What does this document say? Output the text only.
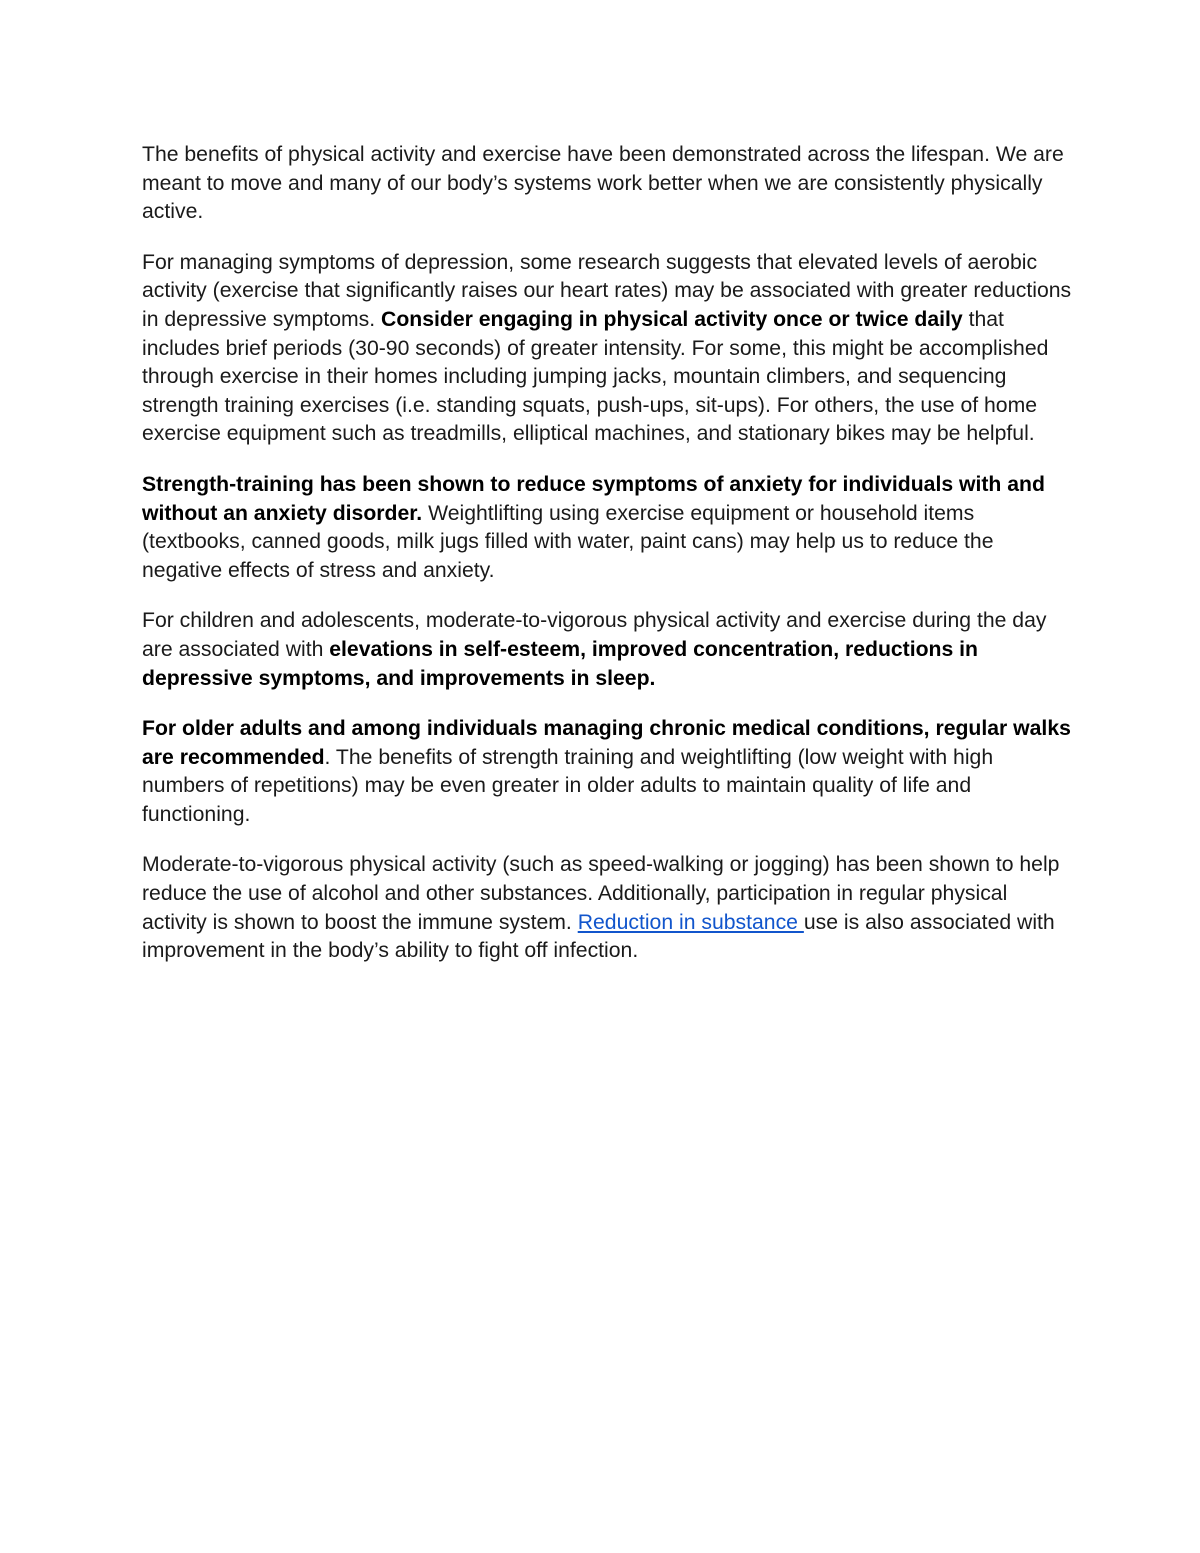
The benefits of physical activity and exercise have been demonstrated across the lifespan. We are meant to move and many of our body’s systems work better when we are consistently physically active.

For managing symptoms of depression, some research suggests that elevated levels of aerobic activity (exercise that significantly raises our heart rates) may be associated with greater reductions in depressive symptoms. Consider engaging in physical activity once or twice daily that includes brief periods (30-90 seconds) of greater intensity. For some, this might be accomplished through exercise in their homes including jumping jacks, mountain climbers, and sequencing strength training exercises (i.e. standing squats, push-ups, sit-ups). For others, the use of home exercise equipment such as treadmills, elliptical machines, and stationary bikes may be helpful.

Strength-training has been shown to reduce symptoms of anxiety for individuals with and without an anxiety disorder. Weightlifting using exercise equipment or household items (textbooks, canned goods, milk jugs filled with water, paint cans) may help us to reduce the negative effects of stress and anxiety.

For children and adolescents, moderate-to-vigorous physical activity and exercise during the day are associated with elevations in self-esteem, improved concentration, reductions in depressive symptoms, and improvements in sleep.

For older adults and among individuals managing chronic medical conditions, regular walks are recommended. The benefits of strength training and weightlifting (low weight with high numbers of repetitions) may be even greater in older adults to maintain quality of life and functioning.

Moderate-to-vigorous physical activity (such as speed-walking or jogging) has been shown to help reduce the use of alcohol and other substances. Additionally, participation in regular physical activity is shown to boost the immune system. Reduction in substance use is also associated with improvement in the body’s ability to fight off infection.
